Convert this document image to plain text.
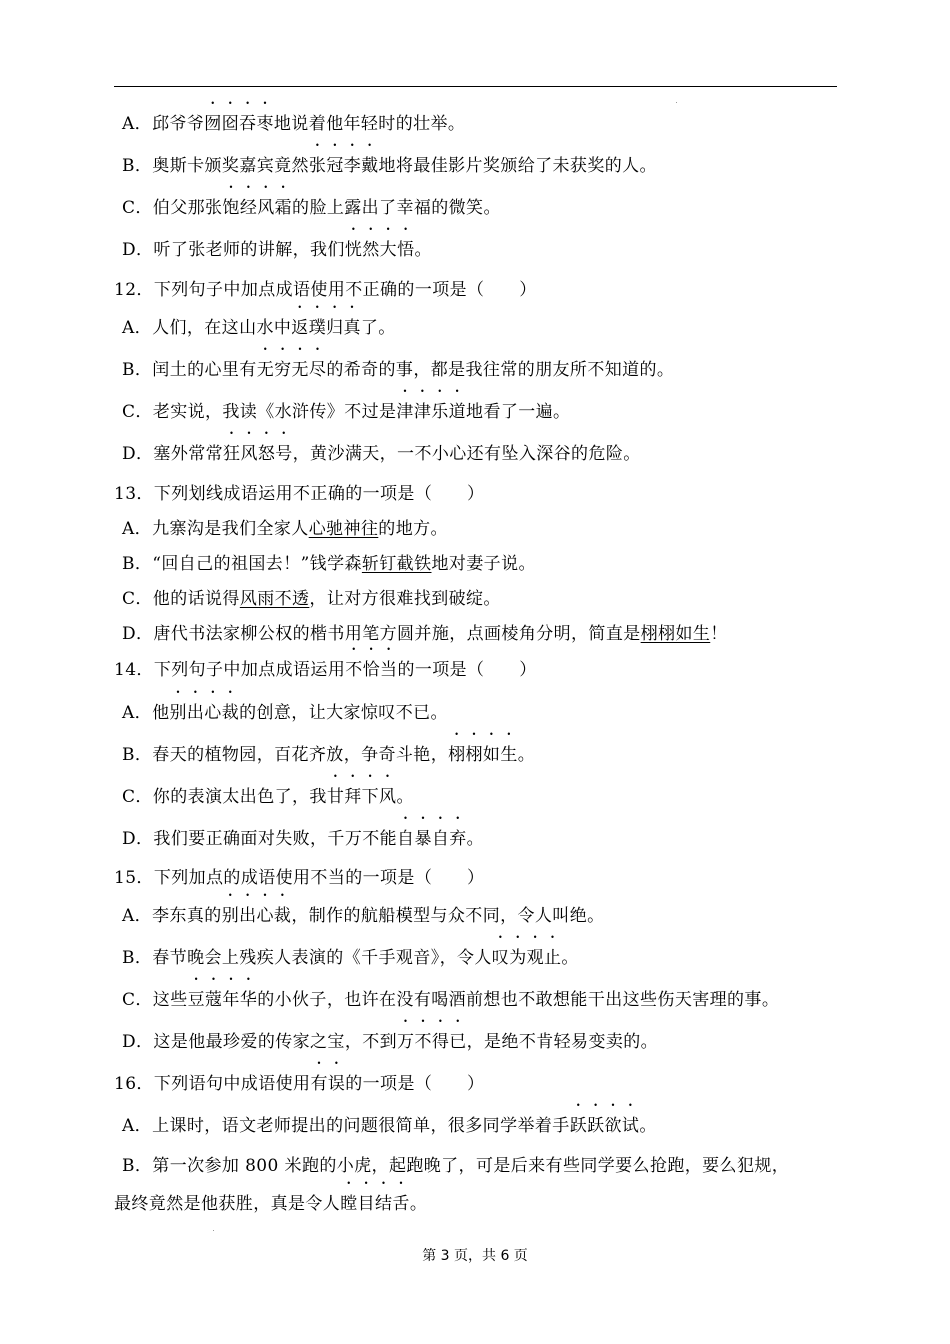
A．邱爷爷囫囵吞枣地说着他年轻时的壮举。
B．奥斯卡颁奖嘉宾竟然张冠李戴地将最佳影片奖颁给了未获奖的人。
C．伯父那张饱经风霜的脸上露出了幸福的微笑。
D．听了张老师的讲解，我们恍然大悟。
12．下列句子中加点成语使用不正确的一项是（　　）
A．人们，在这山水中返璞归真了。
B．闰土的心里有无穷无尽的希奇的事，都是我往常的朋友所不知道的。
C．老实说，我读《水浒传》不过是津津乐道地看了一遍。
D．塞外常常狂风怒号，黄沙满天，一不小心还有坠入深谷的危险。
13．下列划线成语运用不正确的一项是（　　）
A．九寨沟是我们全家人心驰神往的地方。
B．“回自己的祖国去！”钱学森斩钉截铁地对妻子说。
C．他的话说得风雨不透，让对方很难找到破绽。
D．唐代书法家柳公权的楷书用笔方圆并施，点画棱角分明，简直是栩栩如生！
14．下列句子中加点成语运用不恰当的一项是（　　）
A．他别出心裁的创意，让大家惊叹不已。
B．春天的植物园，百花齐放，争奇斗艳，栩栩如生。
C．你的表演太出色了，我甘拜下风。
D．我们要正确面对失败，千万不能自暴自弃。
15．下列加点的成语使用不当的一项是（　　）
A．李东真的别出心裁，制作的航船模型与众不同，令人叫绝。
B．春节晚会上残疾人表演的《千手观音》，令人叹为观止。
C．这些豆蔻年华的小伙子，也许在没有喝酒前想也不敢想能干出这些伤天害理的事。
D．这是他最珍爱的传家之宝，不到万不得已，是绝不肯轻易变卖的。
16．下列语句中成语使用有误的一项是（　　）
A．上课时，语文老师提出的问题很简单，很多同学举着手跃跃欲试。
B．第一次参加 800 米跑的小虎，起跑晚了，可是后来有些同学要么抢跑，要么犯规，
最终竟然是他获胜，真是令人瞠目结舌。
第 3 页，共 6 页
